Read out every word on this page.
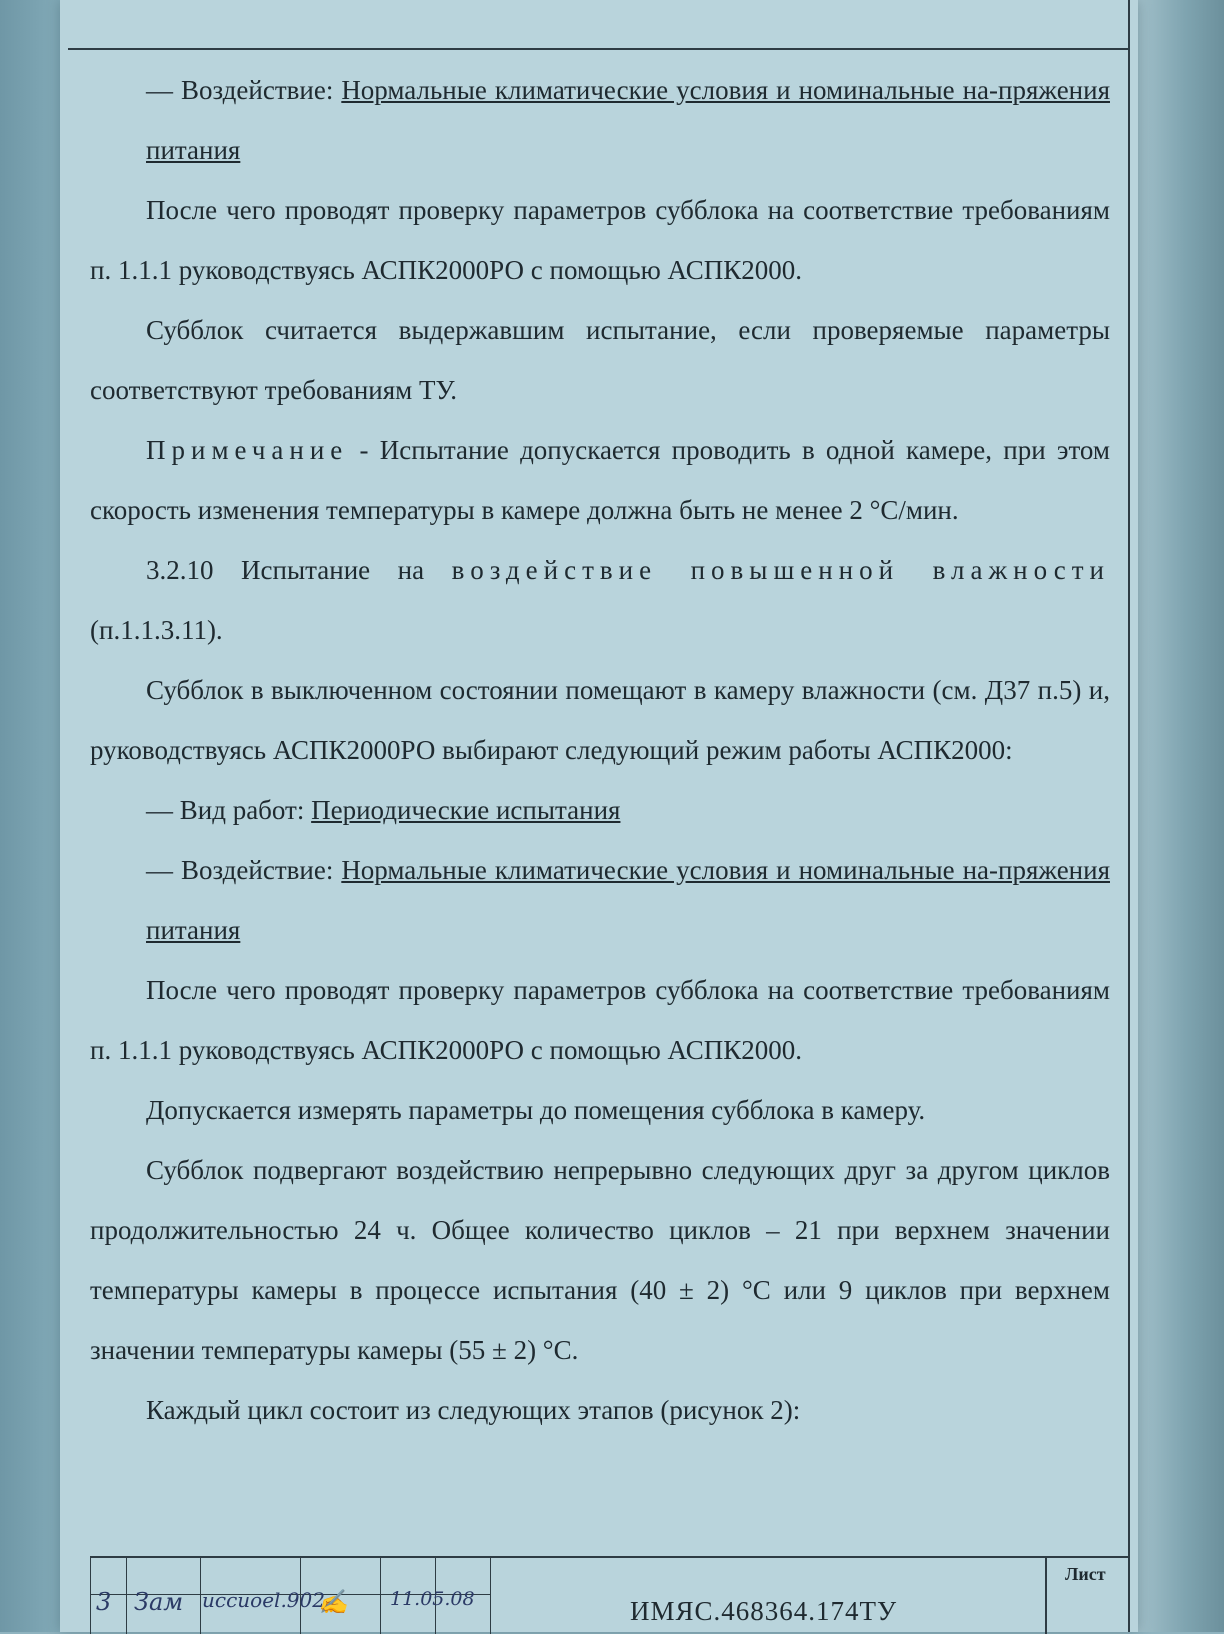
— Воздействие: Нормальные климатические условия и номинальные на-пряжения питания

После чего проводят проверку параметров субблока на соответствие требованиям п. 1.1.1 руководствуясь АСПК2000РО с помощью АСПК2000.

Субблок считается выдержавшим испытание, если проверяемые параметры соответствуют требованиям ТУ.

Примечание - Испытание допускается проводить в одной камере, при этом скорость изменения температуры в камере должна быть не менее 2 °С/мин.

3.2.10 Испытание на воздействие повышенной влажности (п.1.1.3.11).

Субблок в выключенном состоянии помещают в камеру влажности (см. Д37 п.5) и, руководствуясь АСПК2000РО выбирают следующий режим работы АСПК2000:

— Вид работ: Периодические испытания

— Воздействие: Нормальные климатические условия и номинальные на-пряжения питания

После чего проводят проверку параметров субблока на соответствие требованиям п. 1.1.1 руководствуясь АСПК2000РО с помощью АСПК2000.

Допускается измерять параметры до помещения субблока в камеру.

Субблок подвергают воздействию непрерывно следующих друг за другом циклов продолжительностью 24 ч. Общее количество циклов – 21 при верхнем значении температуры камеры в процессе испытания (40 ± 2) °С или 9 циклов при верхнем значении температуры камеры (55 ± 2) °С.

Каждый цикл состоит из следующих этапов (рисунок 2):

3 Зам иссиоеl.902
✍ 11.05.08	ИМЯС.468364.174ТУ
Лист
